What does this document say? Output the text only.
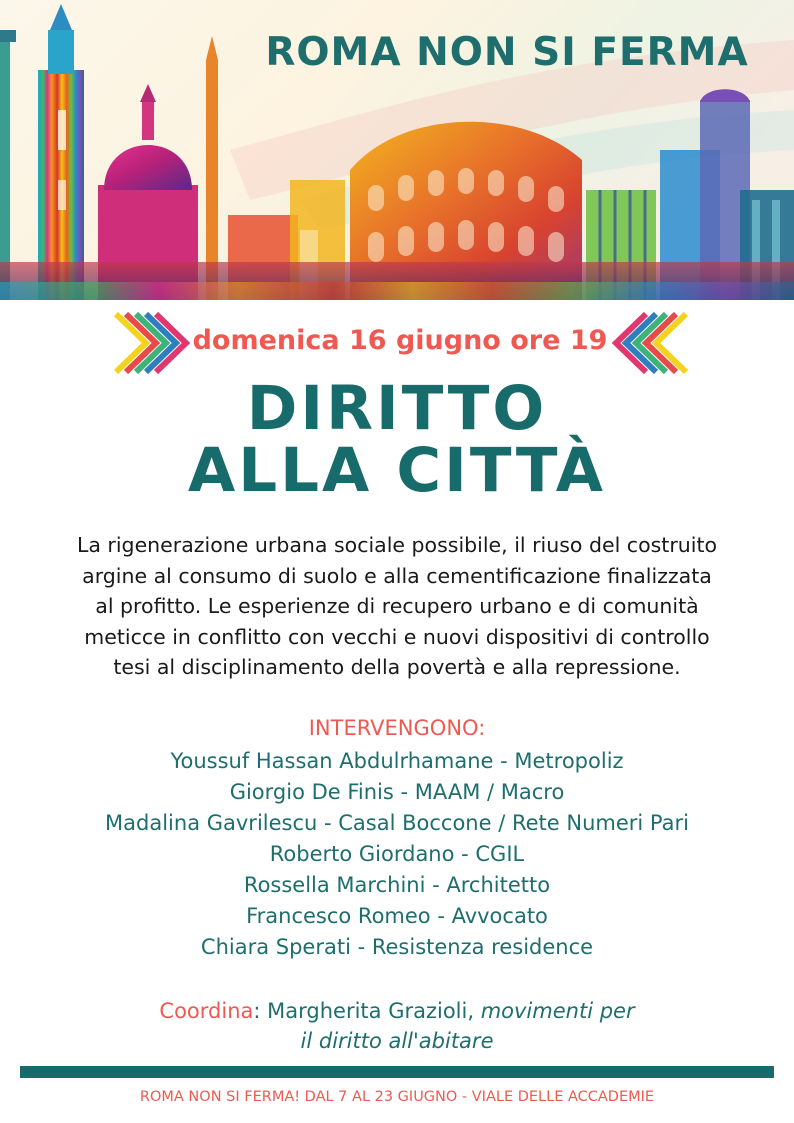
ROMA NON SI FERMA
domenica 16 giugno ore 19
DIRITTO
ALLA CITTÀ
La rigenerazione urbana sociale possibile, il riuso del costruito
argine al consumo di suolo e alla cementificazione finalizzata
al profitto. Le esperienze di recupero urbano e di comunità
meticce in conflitto con vecchi e nuovi dispositivi di controllo
tesi al disciplinamento della povertà e alla repressione.
INTERVENGONO:
Youssuf Hassan Abdulrhamane - Metropoliz
Giorgio De Finis - MAAM / Macro
Madalina Gavrilescu - Casal Boccone / Rete Numeri Pari
Roberto Giordano - CGIL
Rossella Marchini - Architetto
Francesco Romeo - Avvocato
Chiara Sperati - Resistenza residence
Coordina: Margherita Grazioli, movimenti per
il diritto all'abitare
ROMA NON SI FERMA! DAL 7 AL 23 GIUGNO - VIALE DELLE ACCADEMIE
